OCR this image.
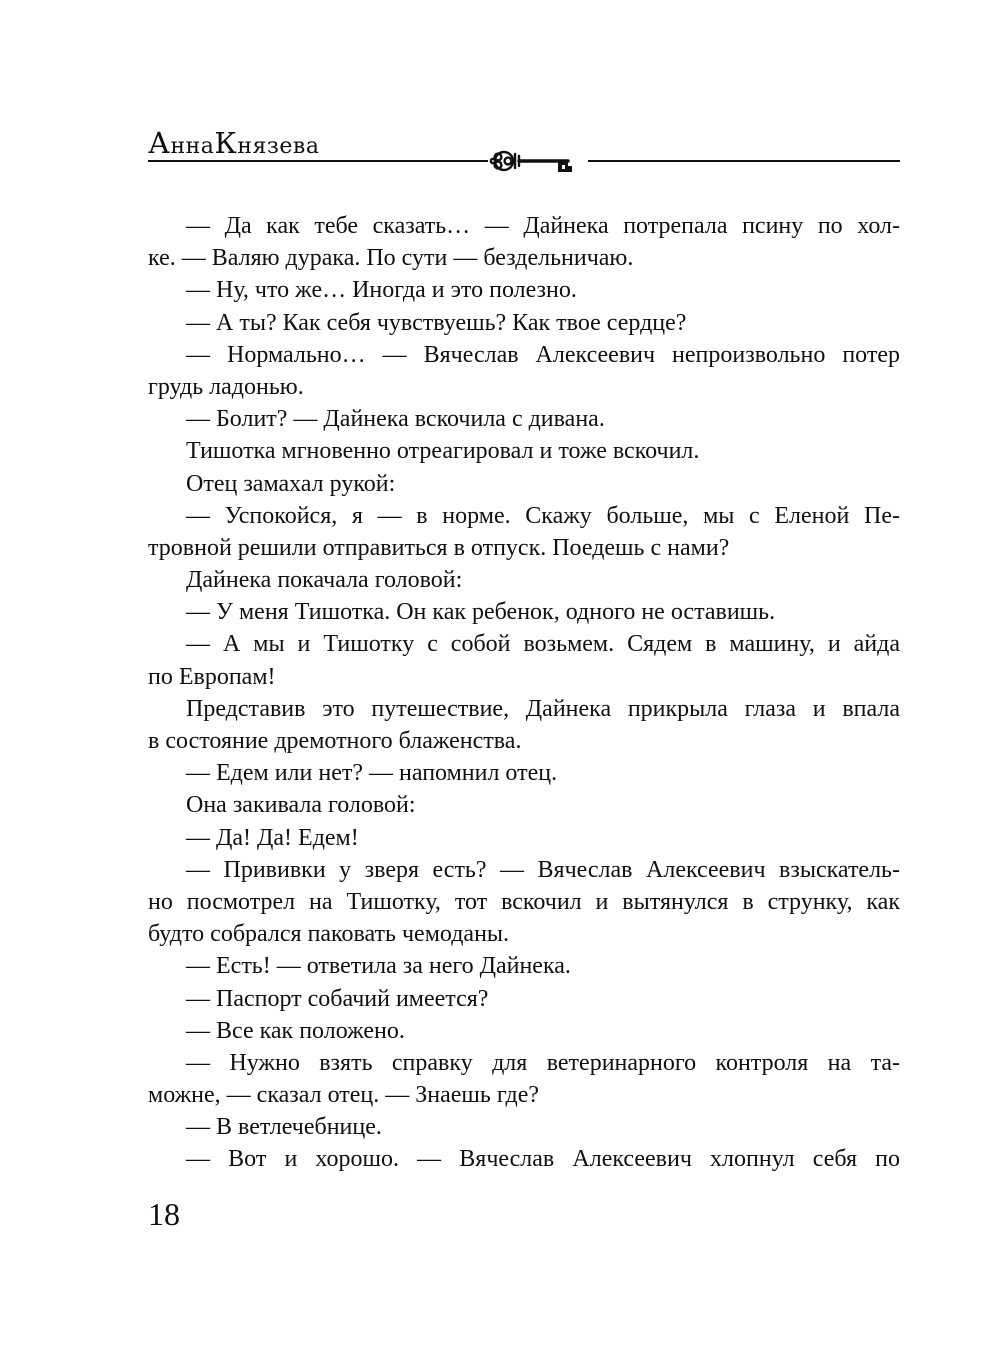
АннаКнязева
— Да как тебе сказать… — Дайнека потрепала псину по хол-
ке. — Валяю дурака. По сути — бездельничаю.
— Ну, что же… Иногда и это полезно.
— А ты? Как себя чувствуешь? Как твое сердце?
— Нормально… — Вячеслав Алексеевич непроизвольно потер
грудь ладонью.
— Болит? — Дайнека вскочила с дивана.
Тишотка мгновенно отреагировал и тоже вскочил.
Отец замахал рукой:
— Успокойся, я — в норме. Скажу больше, мы с Еленой Пе-
тровной решили отправиться в отпуск. Поедешь с нами?
Дайнека покачала головой:
— У меня Тишотка. Он как ребенок, одного не оставишь.
— А мы и Тишотку с собой возьмем. Сядем в машину, и айда
по Европам!
Представив это путешествие, Дайнека прикрыла глаза и впала
в состояние дремотного блаженства.
— Едем или нет? — напомнил отец.
Она закивала головой:
— Да! Да! Едем!
— Прививки у зверя есть? — Вячеслав Алексеевич взыскатель-
но посмотрел на Тишотку, тот вскочил и вытянулся в струнку, как
будто собрался паковать чемоданы.
— Есть! — ответила за него Дайнека.
— Паспорт собачий имеется?
— Все как положено.
— Нужно взять справку для ветеринарного контроля на та-
можне, — сказал отец. — Знаешь где?
— В ветлечебнице.
— Вот и хорошо. — Вячеслав Алексеевич хлопнул себя по
18
